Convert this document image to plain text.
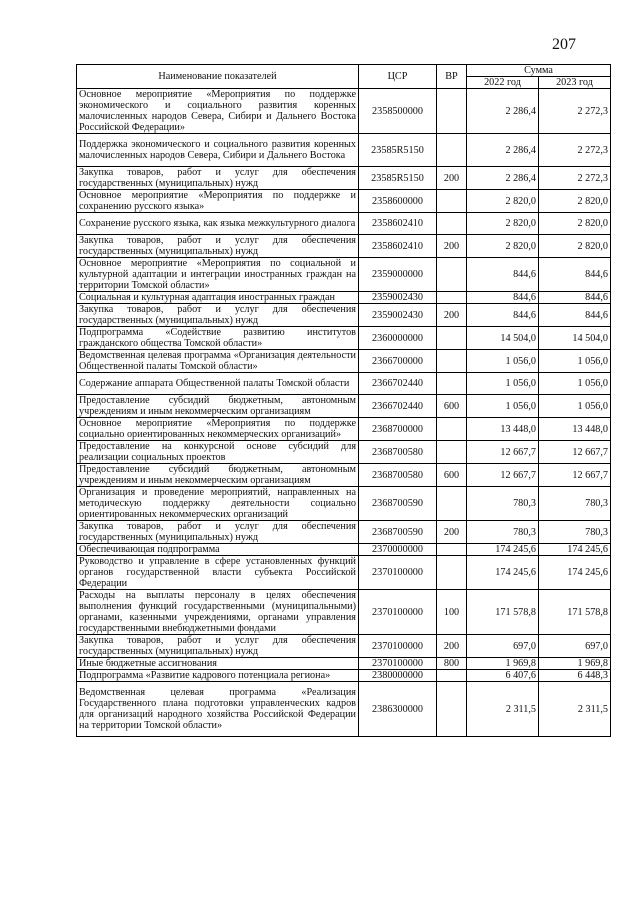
207
Наименование показателей	ЦСР	ВР	Сумма	
			2022 год	2023 год
Основное мероприятие «Мероприятия по поддержке экономического и социального развития коренных малочисленных народов Севера, Сибири и Дальнего Востока Российской Федерации»	2358500000		2 286,4	2 272,3
Поддержка экономического и социального развития коренных малочисленных народов Севера, Сибири и Дальнего Востока	23585R5150		2 286,4	2 272,3
Закупка товаров, работ и услуг для обеспечения государственных (муниципальных) нужд	23585R5150	200	2 286,4	2 272,3
Основное мероприятие «Мероприятия по поддержке и сохранению русского языка»	2358600000		2 820,0	2 820,0
Сохранение русского языка, как языка межкультурного диалога	2358602410		2 820,0	2 820,0
Закупка товаров, работ и услуг для обеспечения государственных (муниципальных) нужд	2358602410	200	2 820,0	2 820,0
Основное мероприятие «Мероприятия по социальной и культурной адаптации и интеграции иностранных граждан на территории Томской области»	2359000000		844,6	844,6
Социальная и культурная адаптация иностранных граждан	2359002430		844,6	844,6
Закупка товаров, работ и услуг для обеспечения государственных (муниципальных) нужд	2359002430	200	844,6	844,6
Подпрограмма «Содействие развитию институтов гражданского общества Томской области»	2360000000		14 504,0	14 504,0
Ведомственная целевая программа «Организация деятельности Общественной палаты Томской области»	2366700000		1 056,0	1 056,0
Содержание аппарата Общественной палаты Томской области	2366702440		1 056,0	1 056,0
Предоставление субсидий бюджетным, автономным учреждениям и иным некоммерческим организациям	2366702440	600	1 056,0	1 056,0
Основное мероприятие «Мероприятия по поддержке социально ориентированных некоммерческих организаций»	2368700000		13 448,0	13 448,0
Предоставление на конкурсной основе субсидий для реализации социальных проектов	2368700580		12 667,7	12 667,7
Предоставление субсидий бюджетным, автономным учреждениям и иным некоммерческим организациям	2368700580	600	12 667,7	12 667,7
Организация и проведение мероприятий, направленных на методическую поддержку деятельности социально ориентированных некоммерческих организаций	2368700590		780,3	780,3
Закупка товаров, работ и услуг для обеспечения государственных (муниципальных) нужд	2368700590	200	780,3	780,3
Обеспечивающая подпрограмма	2370000000		174 245,6	174 245,6
Руководство и управление в сфере установленных функций органов государственной власти субъекта Российской Федерации	2370100000		174 245,6	174 245,6
Расходы на выплаты персоналу в целях обеспечения выполнения функций государственными (муниципальными) органами, казенными учреждениями, органами управления государственными внебюджетными фондами	2370100000	100	171 578,8	171 578,8
Закупка товаров, работ и услуг для обеспечения государственных (муниципальных) нужд	2370100000	200	697,0	697,0
Иные бюджетные ассигнования	2370100000	800	1 969,8	1 969,8
Подпрограмма «Развитие кадрового потенциала региона»	2380000000		6 407,6	6 448,3
Ведомственная целевая программа «Реализация Государственного плана подготовки управленческих кадров для организаций народного хозяйства Российской Федерации на территории Томской области»	2386300000		2 311,5	2 311,5
